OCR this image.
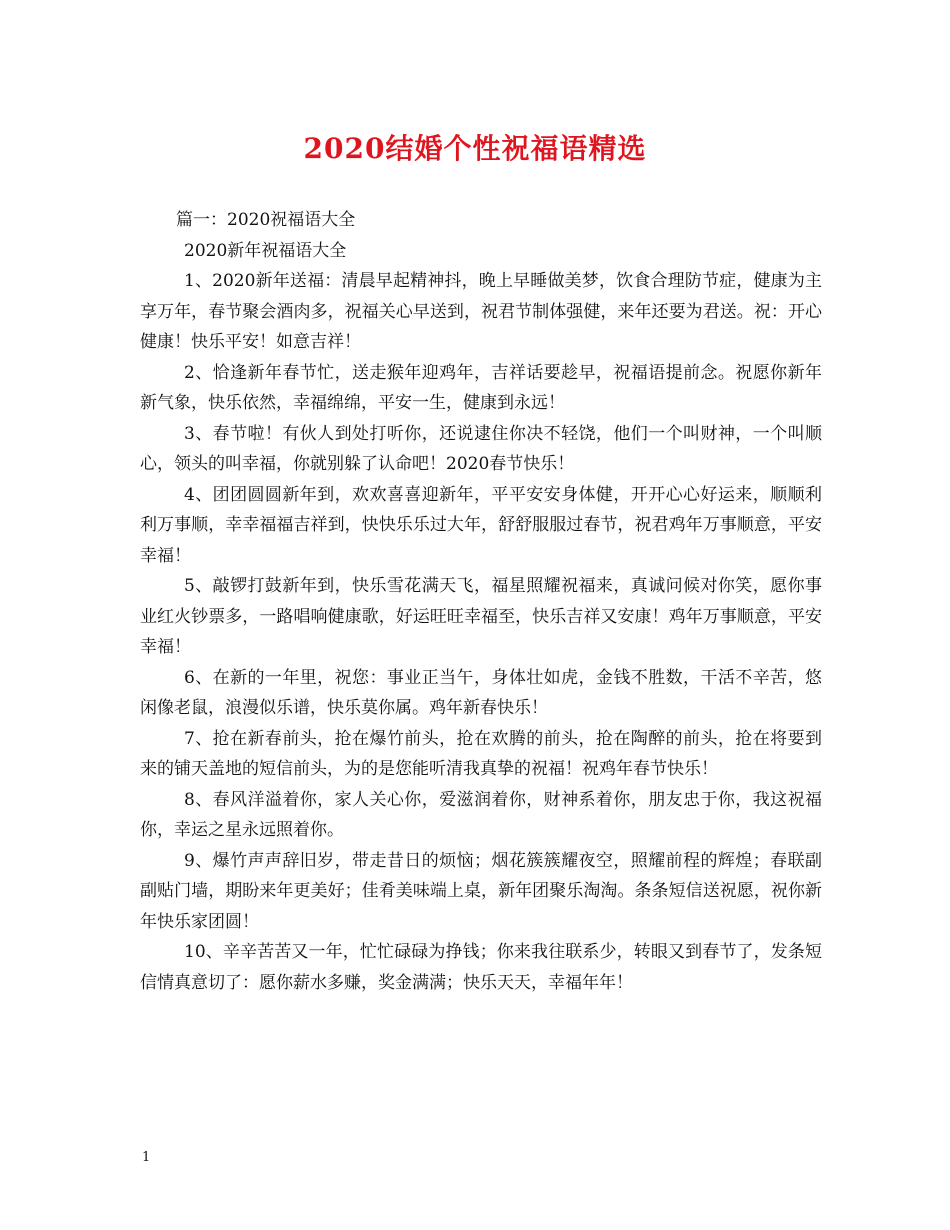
2020结婚个性祝福语精选

篇一：2020祝福语大全

2020新年祝福语大全

1、2020新年送福：清晨早起精神抖，晚上早睡做美梦，饮食合理防节症，健康为主享万年，春节聚会酒肉多，祝福关心早送到，祝君节制体强健，来年还要为君送。祝：开心健康！快乐平安！如意吉祥！

2、恰逢新年春节忙，送走猴年迎鸡年，吉祥话要趁早，祝福语提前念。祝愿你新年新气象，快乐依然，幸福绵绵，平安一生，健康到永远！

3、春节啦！有伙人到处打听你，还说逮住你决不轻饶，他们一个叫财神，一个叫顺心，领头的叫幸福，你就别躲了认命吧！2020春节快乐！

4、团团圆圆新年到，欢欢喜喜迎新年，平平安安身体健，开开心心好运来，顺顺利利万事顺，幸幸福福吉祥到，快快乐乐过大年，舒舒服服过春节，祝君鸡年万事顺意，平安幸福！

5、敲锣打鼓新年到，快乐雪花满天飞，福星照耀祝福来，真诚问候对你笑，愿你事业红火钞票多，一路唱响健康歌，好运旺旺幸福至，快乐吉祥又安康！鸡年万事顺意，平安幸福！

6、在新的一年里，祝您：事业正当午，身体壮如虎，金钱不胜数，干活不辛苦，悠闲像老鼠，浪漫似乐谱，快乐莫你属。鸡年新春快乐！

7、抢在新春前头，抢在爆竹前头，抢在欢腾的前头，抢在陶醉的前头，抢在将要到来的铺天盖地的短信前头，为的是您能听清我真挚的祝福！祝鸡年春节快乐！

8、春风洋溢着你，家人关心你，爱滋润着你，财神系着你，朋友忠于你，我这祝福你，幸运之星永远照着你。

9、爆竹声声辞旧岁，带走昔日的烦恼；烟花簇簇耀夜空，照耀前程的辉煌；春联副副贴门墙，期盼来年更美好；佳肴美味端上桌，新年团聚乐淘淘。条条短信送祝愿，祝你新年快乐家团圆！

10、辛辛苦苦又一年，忙忙碌碌为挣钱；你来我往联系少，转眼又到春节了，发条短信情真意切了：愿你薪水多赚，奖金满满；快乐天天，幸福年年！

1
